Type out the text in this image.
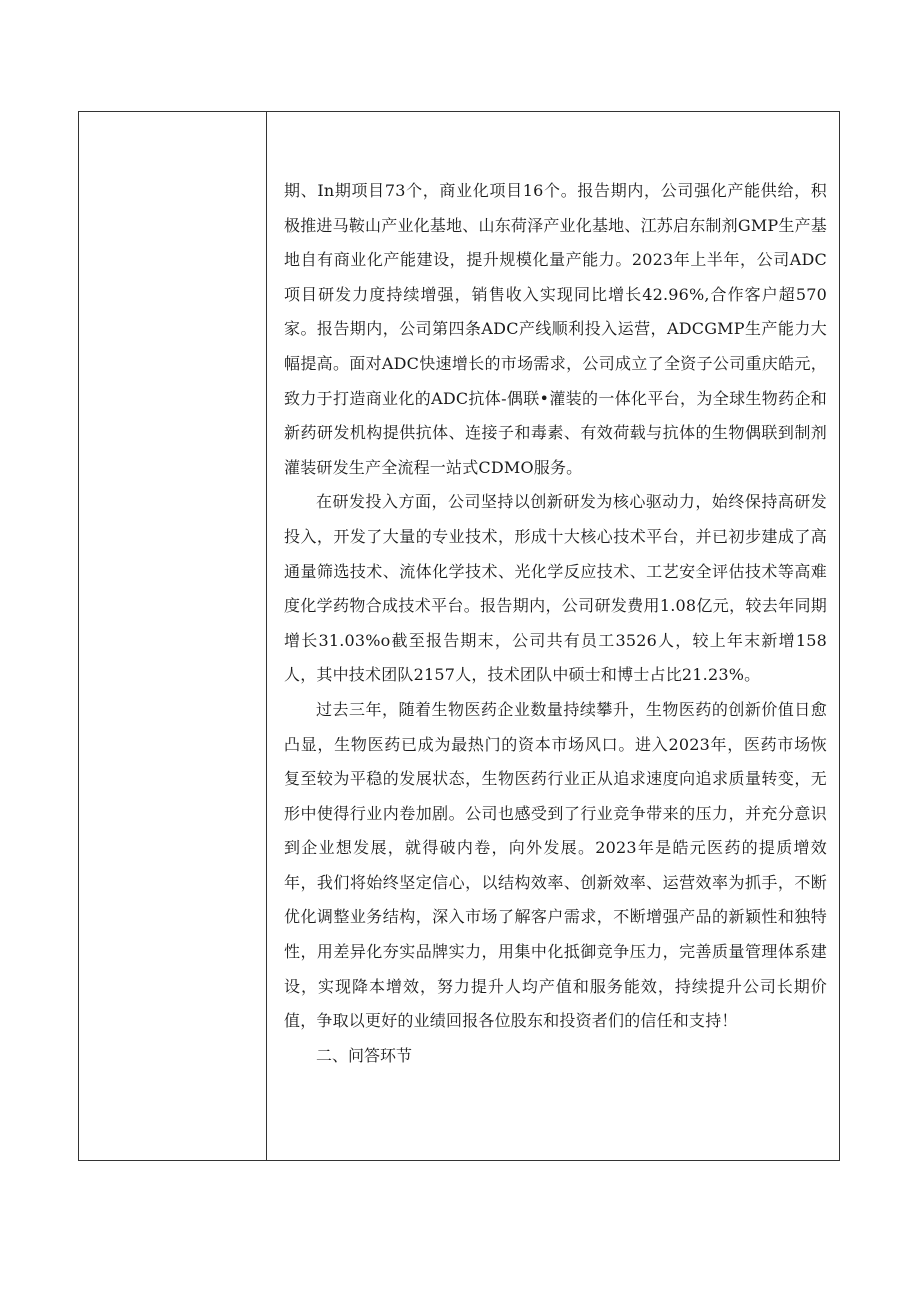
期、In期项目73个，商业化项目16个。报告期内，公司强化产能供给，积极推进马鞍山产业化基地、山东荷泽产业化基地、江苏启东制剂GMP生产基地自有商业化产能建设，提升规模化量产能力。2023年上半年，公司ADC项目研发力度持续增强，销售收入实现同比增长42.96%,合作客户超570家。报告期内，公司第四条ADC产线顺利投入运营，ADCGMP生产能力大幅提高。面对ADC快速增长的市场需求，公司成立了全资子公司重庆皓元，致力于打造商业化的ADC抗体-偶联•灌装的一体化平台，为全球生物药企和新药研发机构提供抗体、连接子和毒素、有效荷载与抗体的生物偶联到制剂灌装研发生产全流程一站式CDMO服务。

在研发投入方面，公司坚持以创新研发为核心驱动力，始终保持高研发投入，开发了大量的专业技术，形成十大核心技术平台，并已初步建成了高通量筛选技术、流体化学技术、光化学反应技术、工艺安全评估技术等高难度化学药物合成技术平台。报告期内，公司研发费用1.08亿元，较去年同期增长31.03%o截至报告期末，公司共有员工3526人，较上年末新增158人，其中技术团队2157人，技术团队中硕士和博士占比21.23%。

过去三年，随着生物医药企业数量持续攀升，生物医药的创新价值日愈凸显，生物医药已成为最热门的资本市场风口。进入2023年，医药市场恢复至较为平稳的发展状态，生物医药行业正从追求速度向追求质量转变，无形中使得行业内卷加剧。公司也感受到了行业竞争带来的压力，并充分意识到企业想发展，就得破内卷，向外发展。2023年是皓元医药的提质增效年，我们将始终坚定信心，以结构效率、创新效率、运营效率为抓手，不断优化调整业务结构，深入市场了解客户需求，不断增强产品的新颖性和独特性，用差异化夯实品牌实力，用集中化抵御竞争压力，完善质量管理体系建设，实现降本增效，努力提升人均产值和服务能效，持续提升公司长期价值，争取以更好的业绩回报各位股东和投资者们的信任和支持！

二、问答环节
